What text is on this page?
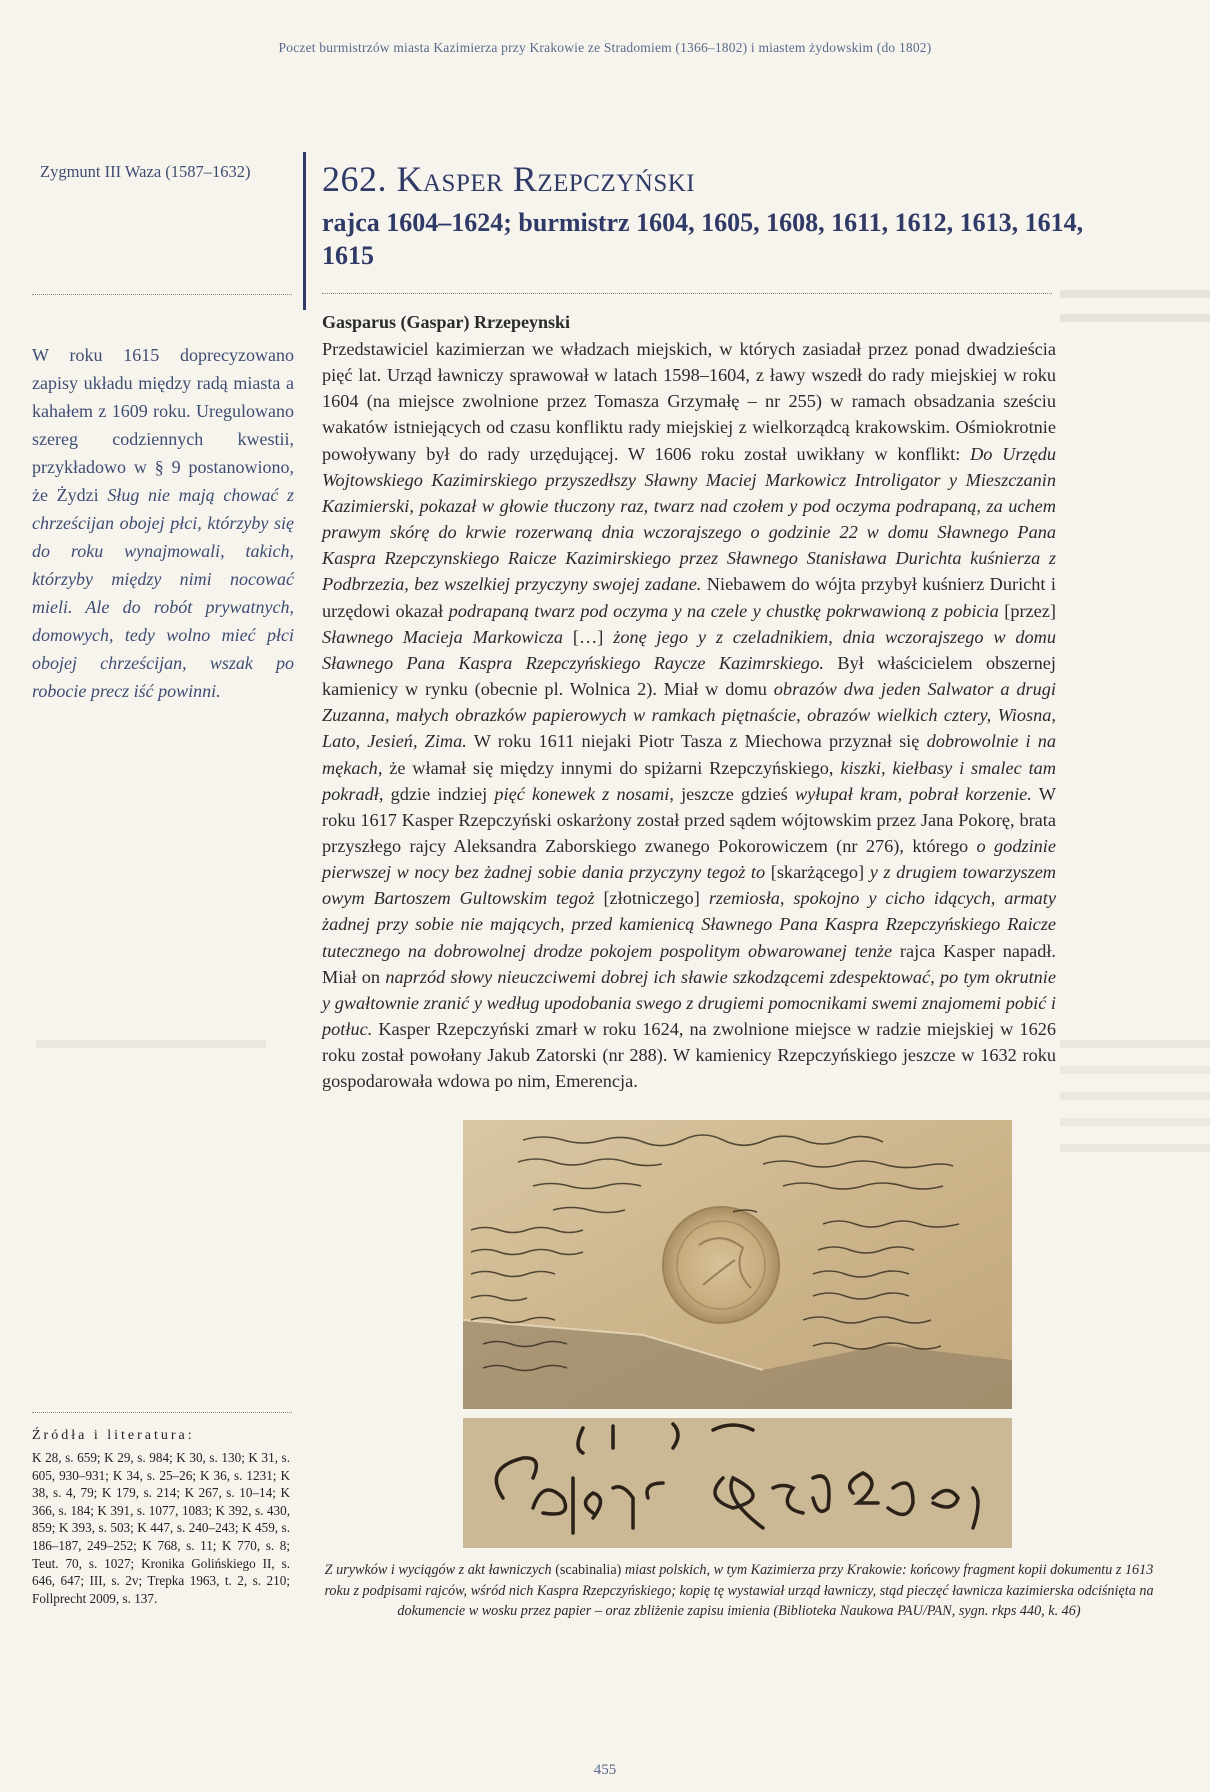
Poczet burmistrzów miasta Kazimierza przy Krakowie ze Stradomiem (1366–1802) i miastem żydowskim (do 1802)
Zygmunt III Waza (1587–1632)
W roku 1615 doprecyzowano zapisy układu między radą miasta a kahałem z 1609 roku. Uregulowano szereg codziennych kwestii, przykładowo w § 9 postanowiono, że Żydzi Sług nie mają chować z chrześcijan obojej płci, którzyby się do roku wynajmowali, takich, którzyby między nimi nocować mieli. Ale do robót prywatnych, domowych, tedy wolno mieć płci obojej chrześcijan, wszak po robocie precz iść powinni.
Źródła i literatura:
K 28, s. 659; K 29, s. 984; K 30, s. 130; K 31, s. 605, 930–931; K 34, s. 25–26; K 36, s. 1231; K 38, s. 4, 79; K 179, s. 214; K 267, s. 10–14; K 366, s. 184; K 391, s. 1077, 1083; K 392, s. 430, 859; K 393, s. 503; K 447, s. 240–243; K 459, s. 186–187, 249–252; K 768, s. 11; K 770, s. 8; Teut. 70, s. 1027; Kronika Golińskiego II, s. 646, 647; III, s. 2v; Trepka 1963, t. 2, s. 210; Follprecht 2009, s. 137.
262. Kasper Rzepczyński
rajca 1604–1624; burmistrz 1604, 1605, 1608, 1611, 1612, 1613, 1614, 1615
Gasparus (Gaspar) Rrzepeynski

Przedstawiciel kazimierzan we władzach miejskich, w których zasiadał przez ponad dwadzieścia pięć lat. Urząd ławniczy sprawował w latach 1598–1604, z ławy wszedł do rady miejskiej w roku 1604 (na miejsce zwolnione przez Tomasza Grzymałę – nr 255) w ramach obsadzania sześciu wakatów istniejących od czasu konfliktu rady miejskiej z wielkorządcą krakowskim. Ośmiokrotnie powoływany był do rady urzędującej. W 1606 roku został uwikłany w konflikt: Do Urzędu Wojtowskiego Kazimirskiego przyszedłszy Sławny Maciej Markowicz Introligator y Mieszczanin Kazimierski, pokazał w głowie tłuczony raz, twarz nad czołem y pod oczyma podrapaną, za uchem prawym skórę do krwie rozerwaną dnia wczorajszego o godzinie 22 w domu Sławnego Pana Kaspra Rzepczynskiego Raicze Kazimirskiego przez Sławnego Stanisława Durichta kuśnierza z Podbrzezia, bez wszelkiej przyczyny swojej zadane. Niebawem do wójta przybył kuśnierz Duricht i urzędowi okazał podrapaną twarz pod oczyma y na czele y chustkę pokrwawioną z pobicia [przez] Sławnego Macieja Markowicza […] żonę jego y z czeladnikiem, dnia wczorajszego w domu Sławnego Pana Kaspra Rzepczyńskiego Rayczе Kazimrskiego. Był właścicielem obszernej kamienicy w rynku (obecnie pl. Wolnica 2). Miał w domu obrazów dwa jeden Salwator a drugi Zuzanna, małych obrazków papierowych w ramkach piętnaście, obrazów wielkich cztery, Wiosna, Lato, Jesień, Zima. W roku 1611 niejaki Piotr Tasza z Miechowa przyznał się dobrowolnie i na mękach, że włamał się między innymi do spiżarni Rzepczyńskiego, kiszki, kiełbasy i smalec tam pokradł, gdzie indziej pięć konewek z nosami, jeszcze gdzieś wyłupał kram, pobrał korzenie. W roku 1617 Kasper Rzepczyński oskarżony został przed sądem wójtowskim przez Jana Pokorę, brata przyszłego rajcy Aleksandra Zaborskiego zwanego Pokorowiczem (nr 276), którego o godzinie pierwszej w nocy bez żadnej sobie dania przyczyny tegoż to [skarżącego] y z drugiem towarzyszem owym Bartoszem Gultowskim tegoż [złotniczego] rzemiosła, spokojno y cicho idących, armaty żadnej przy sobie nie mających, przed kamienicą Sławnego Pana Kaspra Rzepczyńskiego Raicze tutecznego na dobrowolnej drodze pokojem pospolitym obwarowanej tenże rajca Kasper napadł. Miał on naprzód słowy nieuczciwemi dobrej ich sławie szkodzącemi zdespektować, po tym okrutnie y gwałtownie zranić y według upodobania swego z drugiemi pomocnikami swemi znajomemi pobić i potłuc. Kasper Rzepczyński zmarł w roku 1624, na zwolnione miejsce w radzie miejskiej w 1626 roku został powołany Jakub Zatorski (nr 288). W kamienicy Rzepczyńskiego jeszcze w 1632 roku gospodarowała wdowa po nim, Emerencja.

Z urywków i wyciągów z akt ławniczych (scabinalia) miast polskich, w tym Kazimierza przy Krakowie: końcowy fragment kopii dokumentu z 1613 roku z podpisami rajców, wśród nich Kaspra Rzepczyńskiego; kopię tę wystawiał urząd ławniczy, stąd pieczęć ławnicza kazimierska odciśnięta na dokumencie w wosku przez papier – oraz zbliżenie zapisu imienia (Biblioteka Naukowa PAU/PAN, sygn. rkps 440, k. 46)
455
